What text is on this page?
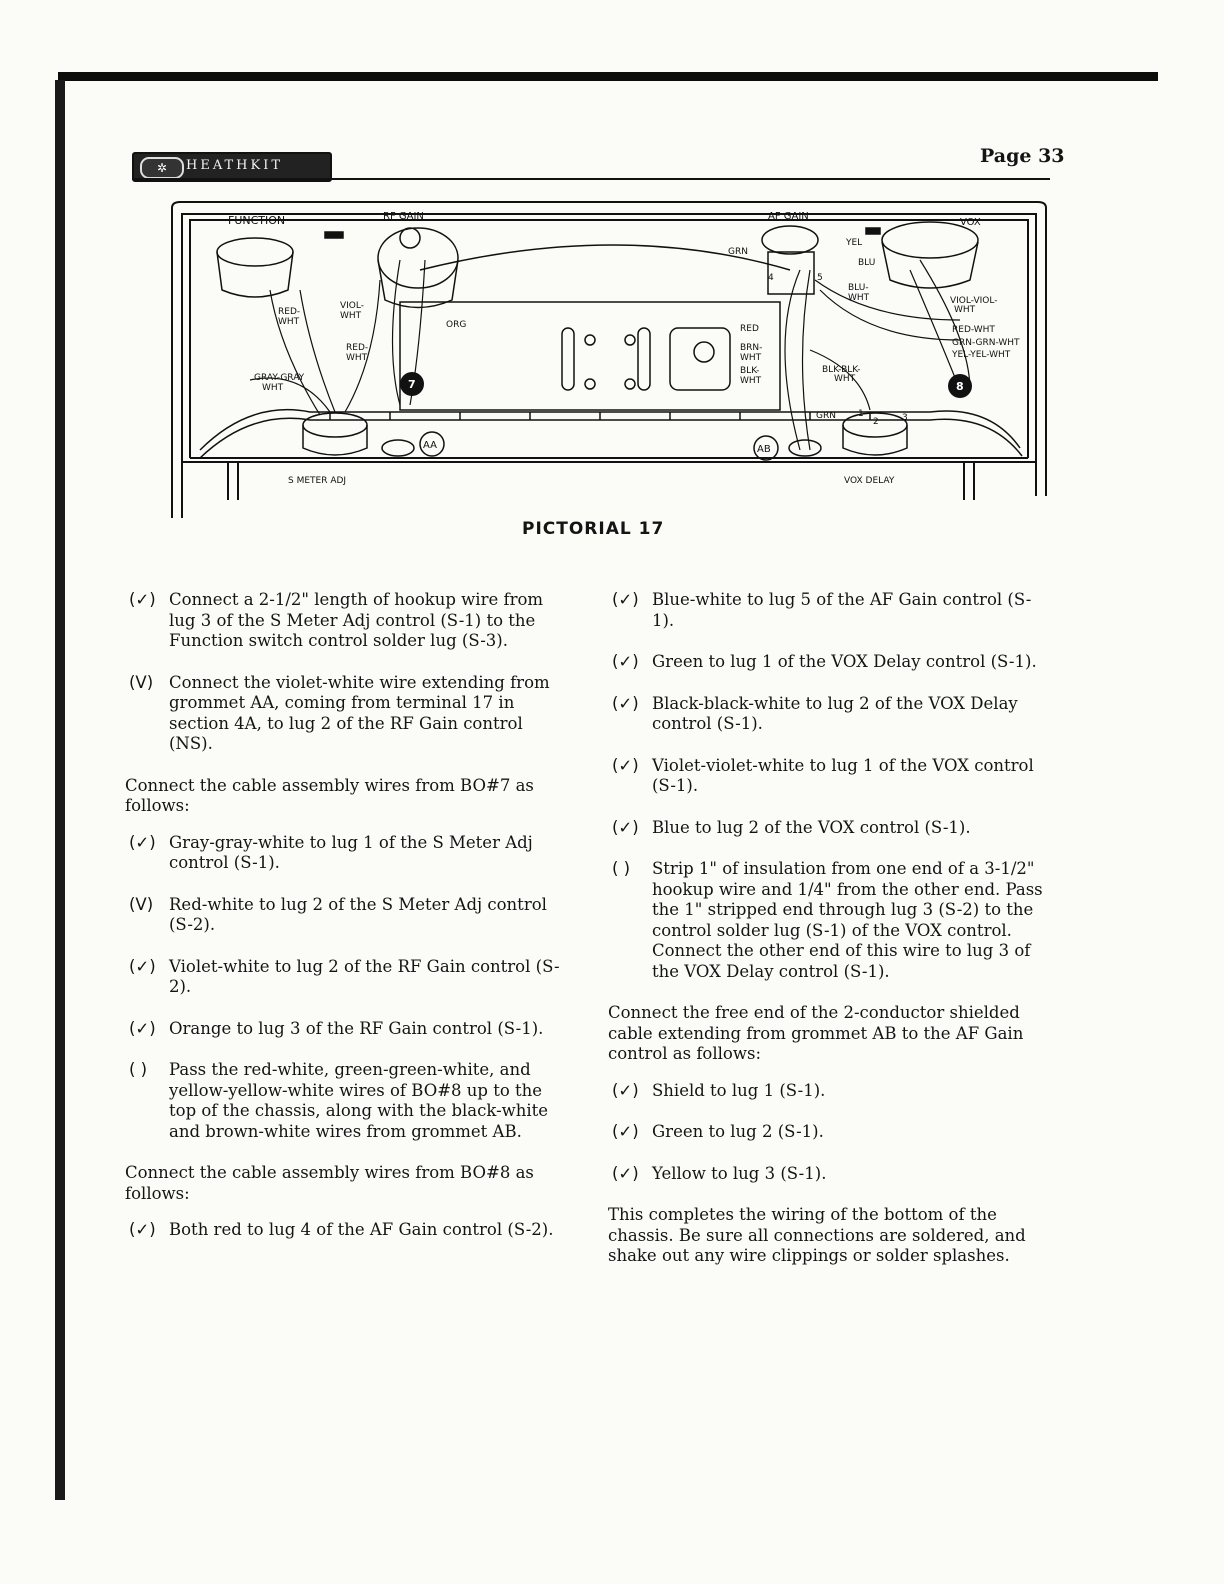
✲	HEATHKIT	Page 33
FUNCTION	RF GAIN	AF GAIN
VOX
S METER ADJ	VOX DELAY
RED-WHT
VIOL-WHT
RED-WHT
ORG
GRAY-GRAY WHT
GRN
YEL
BLU
BLU-WHT	VIOL-VIOL-WHT
RED
BRN-WHT
BLK-WHT
BLK-BLK-WHT
RED-WHT
GRN-GRN-WHT
YEL-YEL-WHT
GRN
7	8
AA	AB
1
2	3
4	5
PICTORIAL 17
(✓) Connect a 2-1/2" length of hookup wire from lug 3 of the S Meter Adj control (S-1) to the Function switch control solder lug (S-3).
(V) Connect the violet-white wire extending from grommet AA, coming from terminal 17 in section 4A, to lug 2 of the RF Gain control (NS).
Connect the cable assembly wires from BO#7 as follows:
(✓) Gray-gray-white to lug 1 of the S Meter Adj control (S-1).
(V) Red-white to lug 2 of the S Meter Adj control (S-2).
(✓) Violet-white to lug 2 of the RF Gain control (S-2).
(✓) Orange to lug 3 of the RF Gain control (S-1).
( )	Pass the red-white, green-green-white, and yellow-yellow-white wires of BO#8 up to the top of the chassis, along with the black-white and brown-white wires from grommet AB.
Connect the cable assembly wires from BO#8 as follows:
(✓) Both red to lug 4 of the AF Gain control (S-2).
(✓) Blue-white to lug 5 of the AF Gain control (S-1).
(✓) Green to lug 1 of the VOX Delay control (S-1).
(✓) Black-black-white to lug 2 of the VOX Delay control (S-1).
(✓) Violet-violet-white to lug 1 of the VOX control (S-1).
(✓) Blue to lug 2 of the VOX control (S-1).
( )	Strip 1" of insulation from one end of a 3-1/2" hookup wire and 1/4" from the other end. Pass the 1" stripped end through lug 3 (S-2) to the control solder lug (S-1) of the VOX control. Connect the other end of this wire to lug 3 of the VOX Delay control (S-1).
Connect the free end of the 2-conductor shielded cable extending from grommet AB to the AF Gain control as follows:
(✓) Shield to lug 1 (S-1).
(✓) Green to lug 2 (S-1).
(✓) Yellow to lug 3 (S-1).
This completes the wiring of the bottom of the chassis. Be sure all connections are soldered, and shake out any wire clippings or solder splashes.
